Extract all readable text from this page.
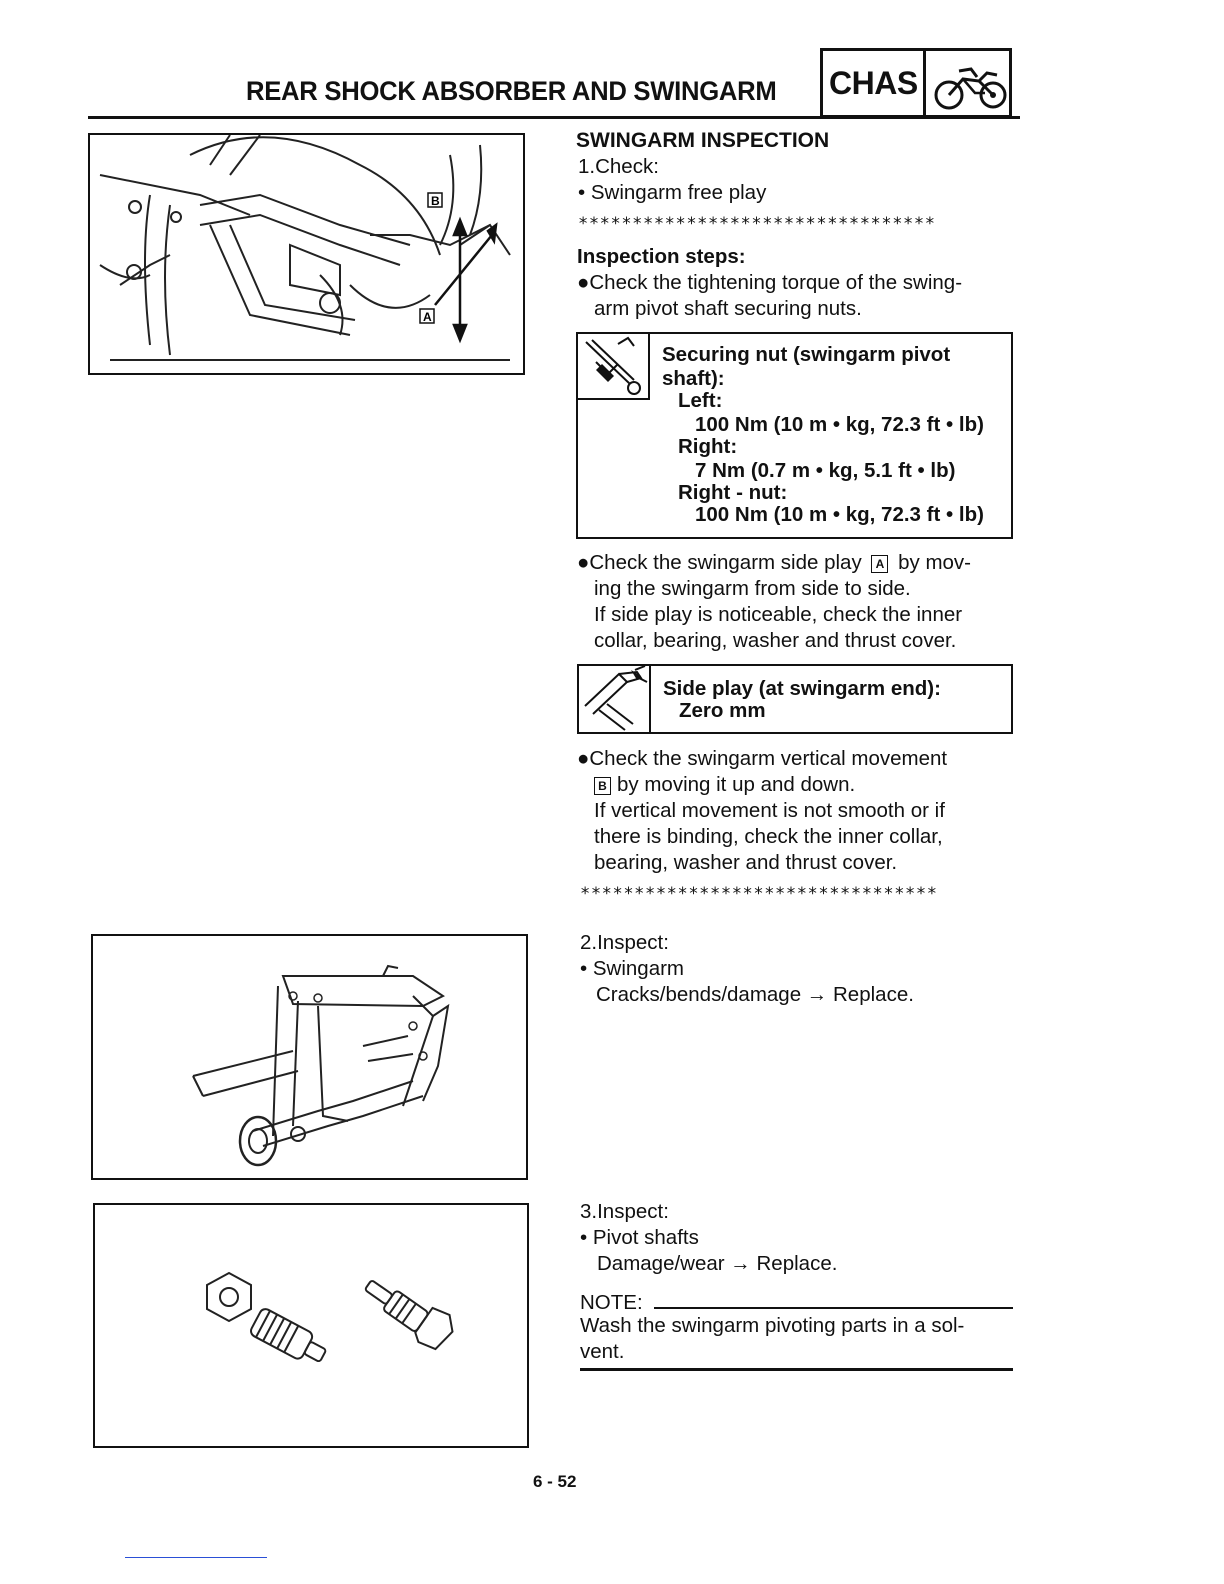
REAR SHOCK ABSORBER AND SWINGARM CHAS
B
A
SWINGARM INSPECTION
1.Check:
• Swingarm free play
*********************************
Inspection steps:
●Check the tightening torque of the swing-
arm pivot shaft securing nuts.
Securing nut (swingarm pivot
shaft):
Left:
100 Nm (10 m • kg, 72.3 ft • lb)
Right:
7 Nm (0.7 m • kg, 5.1 ft • lb)
Right - nut:
100 Nm (10 m • kg, 72.3 ft • lb)
●Check the swingarm side play A by mov-
ing the swingarm from side to side.
If side play is noticeable, check the inner
collar, bearing, washer and thrust cover.
Side play (at swingarm end):
Zero mm
●Check the swingarm vertical movement
B by moving it up and down.
If vertical movement is not smooth or if
there is binding, check the inner collar,
bearing, washer and thrust cover.
*********************************
2.Inspect:
• Swingarm
Cracks/bends/damage → Replace.
3.Inspect:
• Pivot shafts
Damage/wear → Replace.
NOTE:
Wash the swingarm pivoting parts in a sol-
vent.
6 - 52
